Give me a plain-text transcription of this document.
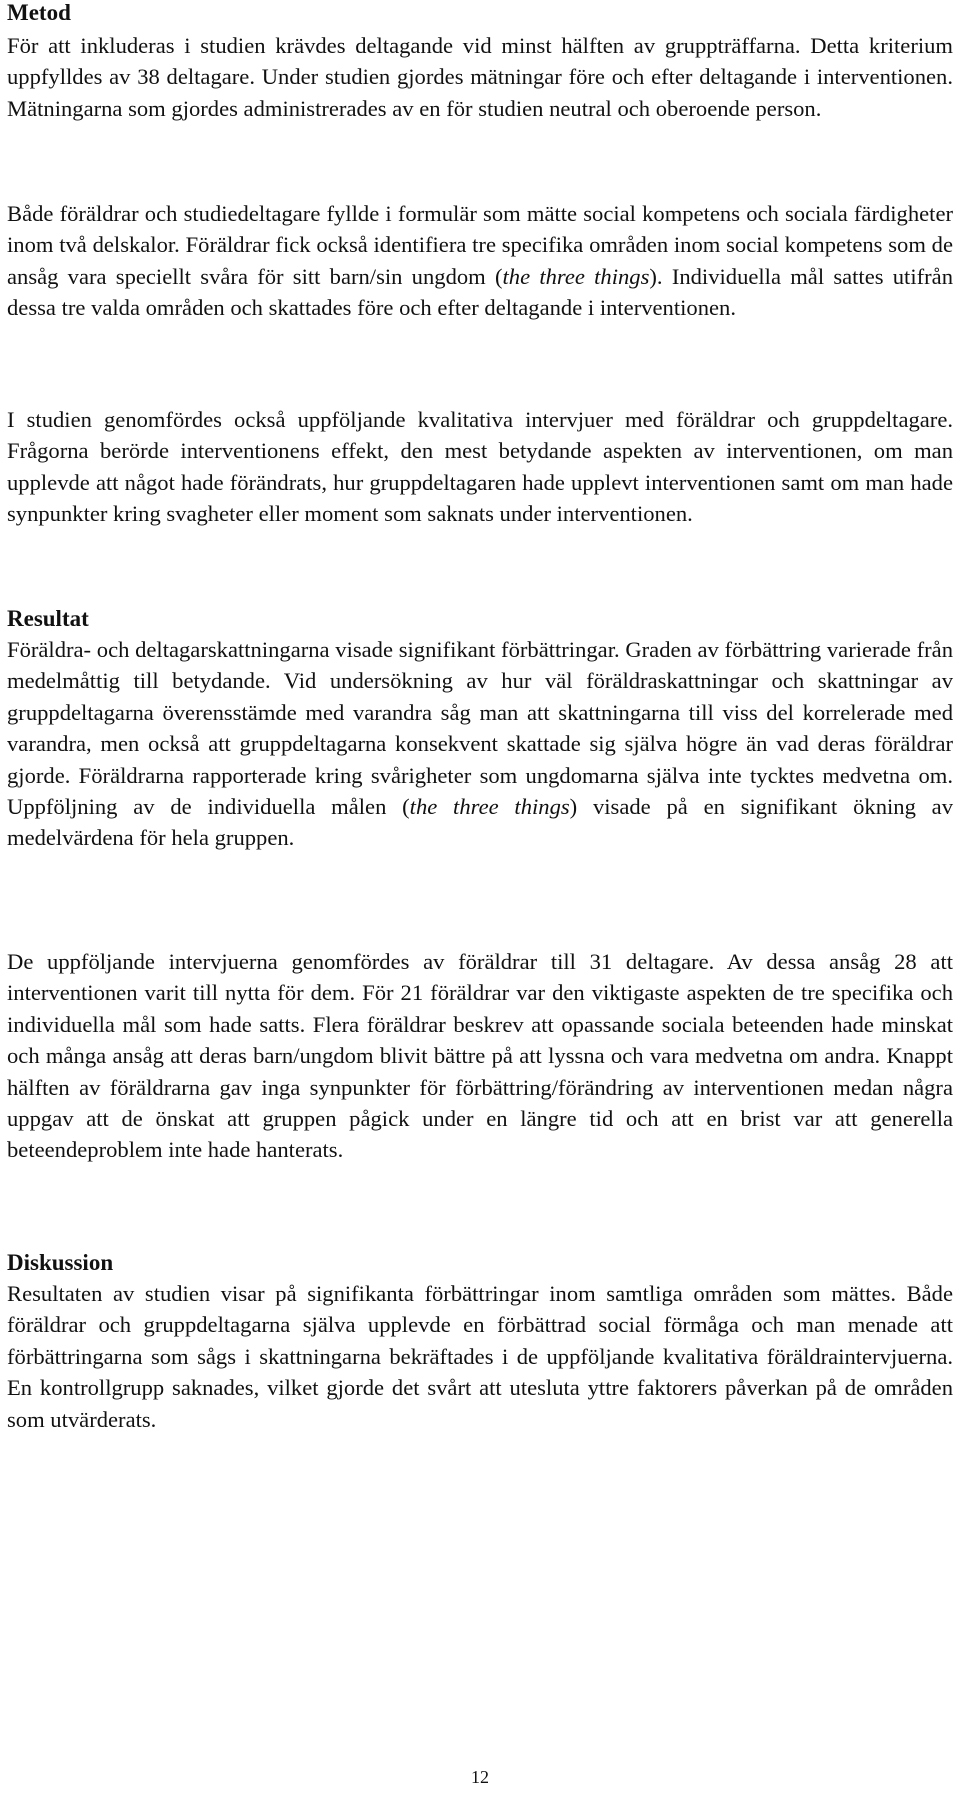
Metod

För att inkluderas i studien krävdes deltagande vid minst hälften av gruppträffarna. Detta kriterium uppfylldes av 38 deltagare. Under studien gjordes mätningar före och efter deltagande i interventionen. Mätningarna som gjordes administrerades av en för studien neutral och oberoende person.

Både föräldrar och studiedeltagare fyllde i formulär som mätte social kompetens och sociala färdigheter inom två delskalor. Föräldrar fick också identifiera tre specifika områden inom social kompetens som de ansåg vara speciellt svåra för sitt barn/sin ungdom (the three things). Individuella mål sattes utifrån dessa tre valda områden och skattades före och efter deltagande i interventionen.

I studien genomfördes också uppföljande kvalitativa intervjuer med föräldrar och gruppdeltagare. Frågorna berörde interventionens effekt, den mest betydande aspekten av interventionen, om man upplevde att något hade förändrats, hur gruppdeltagaren hade upplevt interventionen samt om man hade synpunkter kring svagheter eller moment som saknats under interventionen.

Resultat

Föräldra- och deltagarskattningarna visade signifikant förbättringar. Graden av förbättring varierade från medelmåttig till betydande. Vid undersökning av hur väl föräldraskattningar och skattningar av gruppdeltagarna överensstämde med varandra såg man att skattningarna till viss del korrelerade med varandra, men också att gruppdeltagarna konsekvent skattade sig själva högre än vad deras föräldrar gjorde. Föräldrarna rapporterade kring svårigheter som ungdomarna själva inte tycktes medvetna om. Uppföljning av de individuella målen (the three things) visade på en signifikant ökning av medelvärdena för hela gruppen.

De uppföljande intervjuerna genomfördes av föräldrar till 31 deltagare. Av dessa ansåg 28 att interventionen varit till nytta för dem. För 21 föräldrar var den viktigaste aspekten de tre specifika och individuella mål som hade satts. Flera föräldrar beskrev att opassande sociala beteenden hade minskat och många ansåg att deras barn/ungdom blivit bättre på att lyssna och vara medvetna om andra. Knappt hälften av föräldrarna gav inga synpunkter för förbättring/förändring av interventionen medan några uppgav att de önskat att gruppen pågick under en längre tid och att en brist var att generella beteendeproblem inte hade hanterats.

Diskussion

Resultaten av studien visar på signifikanta förbättringar inom samtliga områden som mättes. Både föräldrar och gruppdeltagarna själva upplevde en förbättrad social förmåga och man menade att förbättringarna som sågs i skattningarna bekräftades i de uppföljande kvalitativa föräldraintervjuerna. En kontrollgrupp saknades, vilket gjorde det svårt att utesluta yttre faktorers påverkan på de områden som utvärderats.

12
